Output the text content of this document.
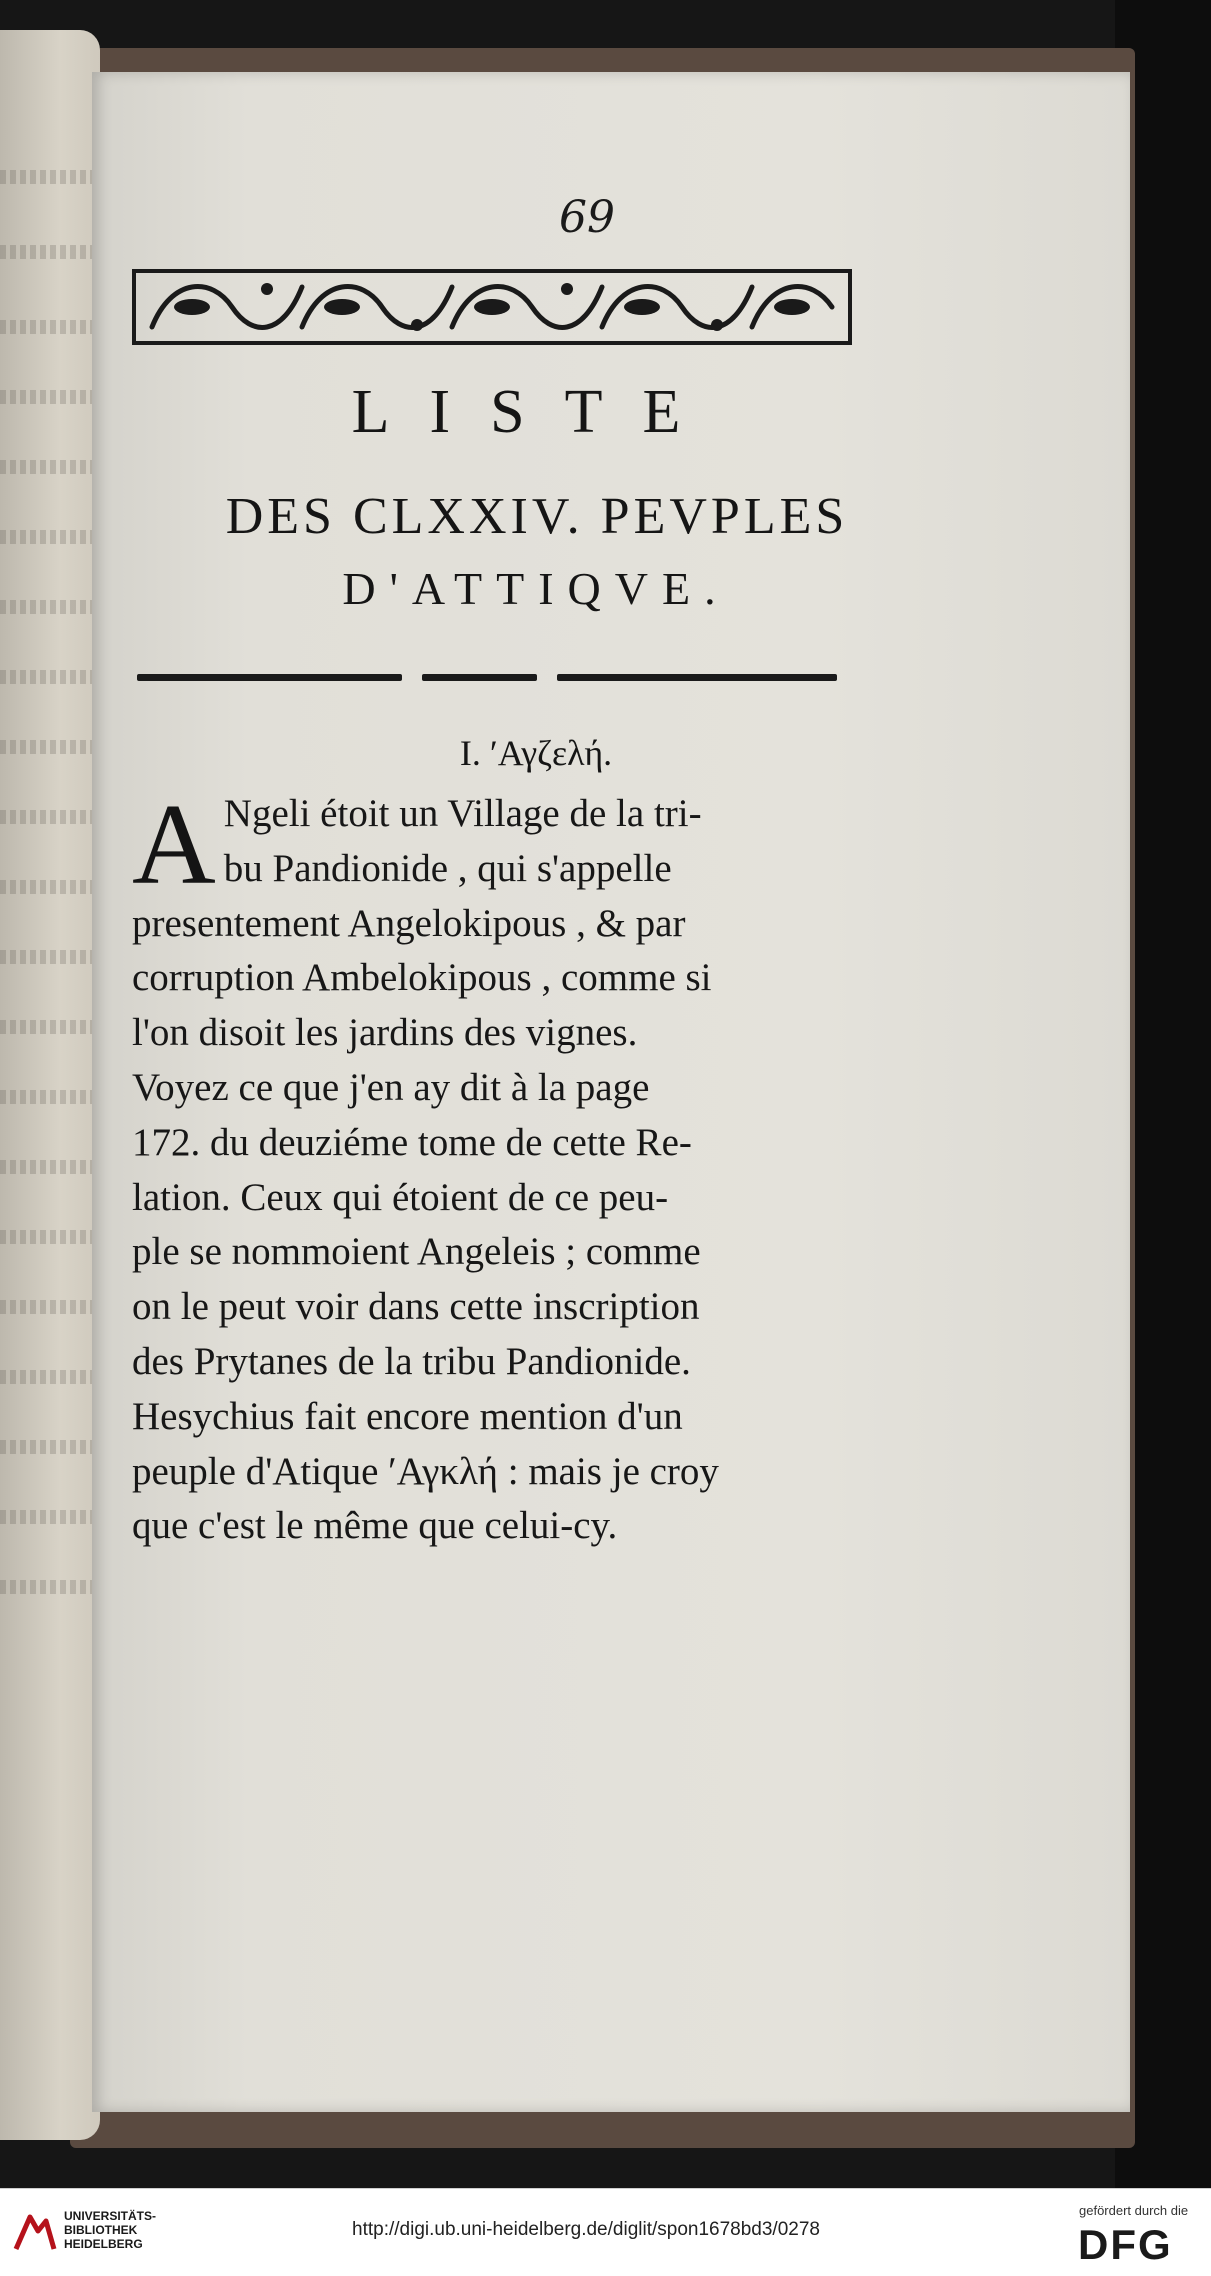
69
LISTE
DES CLXXIV. PEVPLES
D'ATTIQVE.
I. ʹΑγζελή.
A Ngeli étoit un Village de la tri-
bu Pandionide , qui s'appelle
presentement Angelokipous , & par
corruption Ambelokipous , comme si
l'on disoit les jardins des vignes.
Voyez ce que j'en ay dit à la page
172. du deuziéme tome de cette Re-
lation. Ceux qui étoient de ce peu-
ple se nommoient Angeleis ; comme
on le peut voir dans cette inscription
des Prytanes de la tribu Pandionide.
Hesychius fait encore mention d'un
peuple d'Atique ʹΑγκλή : mais je croy
que c'est le même que celui-cy.
UNIVERSITÄTS-
BIBLIOTHEK
HEIDELBERG
http://digi.ub.uni-heidelberg.de/diglit/spon1678bd3/0278
gefördert durch die
DFG
